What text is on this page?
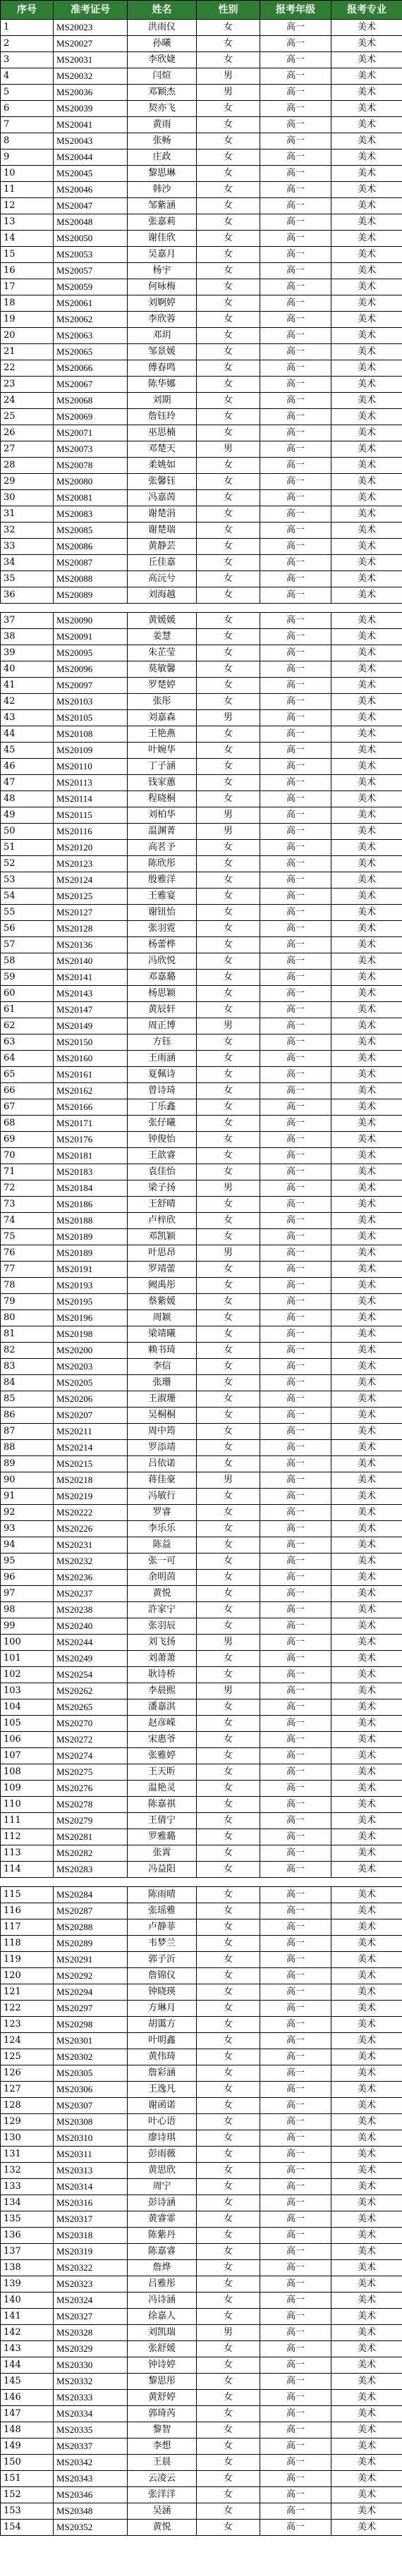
序号	准考证号	姓名	性别	报考年级	报考专业
1	MS20023	洪雨仪	女	高一	美术
2	MS20027	孙曦	女	高一	美术
3	MS20031	李欣婕	女	高一	美术
4	MS20032	闫煊	男	高一	美术
5	MS20036	邓颖杰	男	高一	美术
6	MS20039	契亦飞	女	高一	美术
7	MS20041	黄雨	女	高一	美术
8	MS20043	张畅	女	高一	美术
9	MS20044	庄政	女	高一	美术
10	MS20045	黎思琳	女	高一	美术
11	MS20046	韩沙	女	高一	美术
12	MS20047	邹紫涵	女	高一	美术
13	MS20048	张嘉莉	女	高一	美术
14	MS20050	谢佳欣	女	高一	美术
15	MS20053	吴嘉月	女	高一	美术
16	MS20057	杨宇	女	高一	美术
17	MS20059	何咏梅	女	高一	美术
18	MS20061	刘婀婷	女	高一	美术
19	MS20062	李欣蓉	女	高一	美术
20	MS20063	邓玥	女	高一	美术
21	MS20065	邹景媛	女	高一	美术
22	MS20066	傅春鸣	女	高一	美术
23	MS20067	陈华娜	女	高一	美术
24	MS20068	刘期	女	高一	美术
25	MS20069	詹钰玲	女	高一	美术
26	MS20071	巫思楠	女	高一	美术
27	MS20073	邓楚天	男	高一	美术
28	MS20078	柔姚如	女	高一	美术
29	MS20080	张馨钰	女	高一	美术
30	MS20081	冯嘉茵	女	高一	美术
31	MS20083	谢楚涓	女	高一	美术
32	MS20085	谢楚瑞	女	高一	美术
33	MS20086	黄静芸	女	高一	美术
34	MS20087	丘佳嘉	女	高一	美术
35	MS20088	高沅兮	女	高一	美术
36	MS20089	刘海越	女	高一	美术

37	MS20090	黄媛媛	女	高一	美术
38	MS20091	姜慧	女	高一	美术
39	MS20095	朱芷莹	女	高一	美术
40	MS20096	莫敏馨	女	高一	美术
41	MS20097	罗楚婷	女	高一	美术
42	MS20103	张彤	女	高一	美术
43	MS20105	刘嘉森	男	高一	美术
44	MS20108	王艳燕	女	高一	美术
45	MS20109	叶婉华	女	高一	美术
46	MS20110	丁子涵	女	高一	美术
47	MS20113	钱家蕙	女	高一	美术
48	MS20114	程晓桐	女	高一	美术
49	MS20115	刘柏华	男	高一	美术
50	MS20116	温渊菁	男	高一	美术
51	MS20120	高茗予	女	高一	美术
52	MS20123	陈欣彤	女	高一	美术
53	MS20124	殷雅洋	女	高一	美术
54	MS20125	王雅宴	女	高一	美术
55	MS20127	谢钮怡	女	高一	美术
56	MS20128	张羽霓	女	高一	美术
57	MS20136	杨蕾桦	女	高一	美术
58	MS20140	冯欣悦	女	高一	美术
59	MS20141	邓嘉璐	女	高一	美术
60	MS20143	杨思颖	女	高一	美术
61	MS20147	黄辰轩	女	高一	美术
62	MS20149	周正博	男	高一	美术
63	MS20150	方钰	女	高一	美术
64	MS20160	王雨涵	女	高一	美术
65	MS20161	夏佩诗	女	高一	美术
66	MS20162	曾诗琦	女	高一	美术
67	MS20166	丁乐鑫	女	高一	美术
68	MS20171	张仔曦	女	高一	美术
69	MS20176	钟俊怡	女	高一	美术
70	MS20181	王歆睿	女	高一	美术
71	MS20183	袁佳怡	女	高一	美术
72	MS20184	梁子扬	男	高一	美术
73	MS20186	王舒晴	女	高一	美术
74	MS20188	卢梓欣	女	高一	美术
75	MS20189	邓凯颖	女	高一	美术
76	MS20189	叶思昂	男	高一	美术
77	MS20191	罗靖蕾	女	高一	美术
78	MS20193	阙禹彤	女	高一	美术
79	MS20195	蔡紫媛	女	高一	美术
80	MS20196	周颖	女	高一	美术
81	MS20198	梁靖曦	女	高一	美术
82	MS20200	赖书琦	女	高一	美术
83	MS20203	李信	女	高一	美术
84	MS20205	张珊	女	高一	美术
85	MS20206	王淑珊	女	高一	美术
86	MS20207	吴桐桐	女	高一	美术
87	MS20211	周中筠	女	高一	美术
88	MS20214	罗添靖	女	高一	美术
89	MS20215	吕依诺	女	高一	美术
90	MS20218	蒋佳豪	男	高一	美术
91	MS20219	冯敏行	女	高一	美术
92	MS20222	罗睿	女	高一	美术
93	MS20226	李乐乐	女	高一	美术
94	MS20231	陈益	女	高一	美术
95	MS20232	张一可	女	高一	美术
96	MS20236	余明茵	女	高一	美术
97	MS20237	黄悦	女	高一	美术
98	MS20238	許家宁	女	高一	美术
99	MS20240	张羽辰	女	高一	美术
100	MS20244	刘飞扬	男	高一	美术
101	MS20249	刘萧萧	女	高一	美术
102	MS20254	耿诗桥	女	高一	美术
103	MS20262	李晨熙	男	高一	美术
104	MS20265	潘嘉淇	女	高一	美术
105	MS20270	赵彦嵘	女	高一	美术
106	MS20272	宋惠爷	女	高一	美术
107	MS20274	张雅婷	女	高一	美术
108	MS20275	王天昕	女	高一	美术
109	MS20276	温艳灵	女	高一	美术
110	MS20278	陈嘉祺	女	高一	美术
111	MS20279	王倩宁	女	高一	美术
112	MS20281	罗雅璐	女	高一	美术
113	MS20282	张霄	女	高一	美术
114	MS20283	冯益阳	女	高一	美术

115	MS20284	陈雨晴	女	高一	美术
116	MS20287	张瑶雅	女	高一	美术
117	MS20288	卢静菲	女	高一	美术
118	MS20289	韦梦兰	女	高一	美术
119	MS20291	郭子沂	女	高一	美术
120	MS20292	詹锦仪	女	高一	美术
121	MS20294	钟晓瑛	女	高一	美术
122	MS20297	方琳月	女	高一	美术
123	MS20298	胡霭方	女	高一	美术
124	MS20301	叶明鑫	女	高一	美术
125	MS20302	黄伟琦	女	高一	美术
126	MS20305	詹彩涵	女	高一	美术
127	MS20306	王逸凡	女	高一	美术
128	MS20307	谢函诺	女	高一	美术
129	MS20308	叶心语	女	高一	美术
130	MS20310	廖诗琪	女	高一	美术
131	MS20311	彭雨薇	女	高一	美术
132	MS20313	黄思欣	女	高一	美术
133	MS20314	周宁	女	高一	美术
134	MS20316	彭诗涵	女	高一	美术
135	MS20317	黄睿霏	女	高一	美术
136	MS20318	陈紫丹	女	高一	美术
137	MS20319	陈嘉睿	女	高一	美术
138	MS20322	詹烨	女	高一	美术
139	MS20323	吕雅彤	女	高一	美术
140	MS20324	冯诗涵	女	高一	美术
141	MS20327	徐嘉人	女	高一	美术
142	MS20328	刘凯瑞	男	高一	美术
143	MS20329	张舒媛	女	高一	美术
144	MS20330	钟诗婷	女	高一	美术
145	MS20332	黎思彤	女	高一	美术
146	MS20333	黄舒婷	女	高一	美术
147	MS20334	郭琦芮	女	高一	美术
148	MS20335	黎智	女	高一	美术
149	MS20337	李想	女	高一	美术
150	MS20342	王晨	女	高一	美术
151	MS20343	云凌云	女	高一	美术
152	MS20346	张洋洋	女	高一	美术
153	MS20348	吴涵	女	高一	美术
154	MS20352	黄悦	女	高一	美术
